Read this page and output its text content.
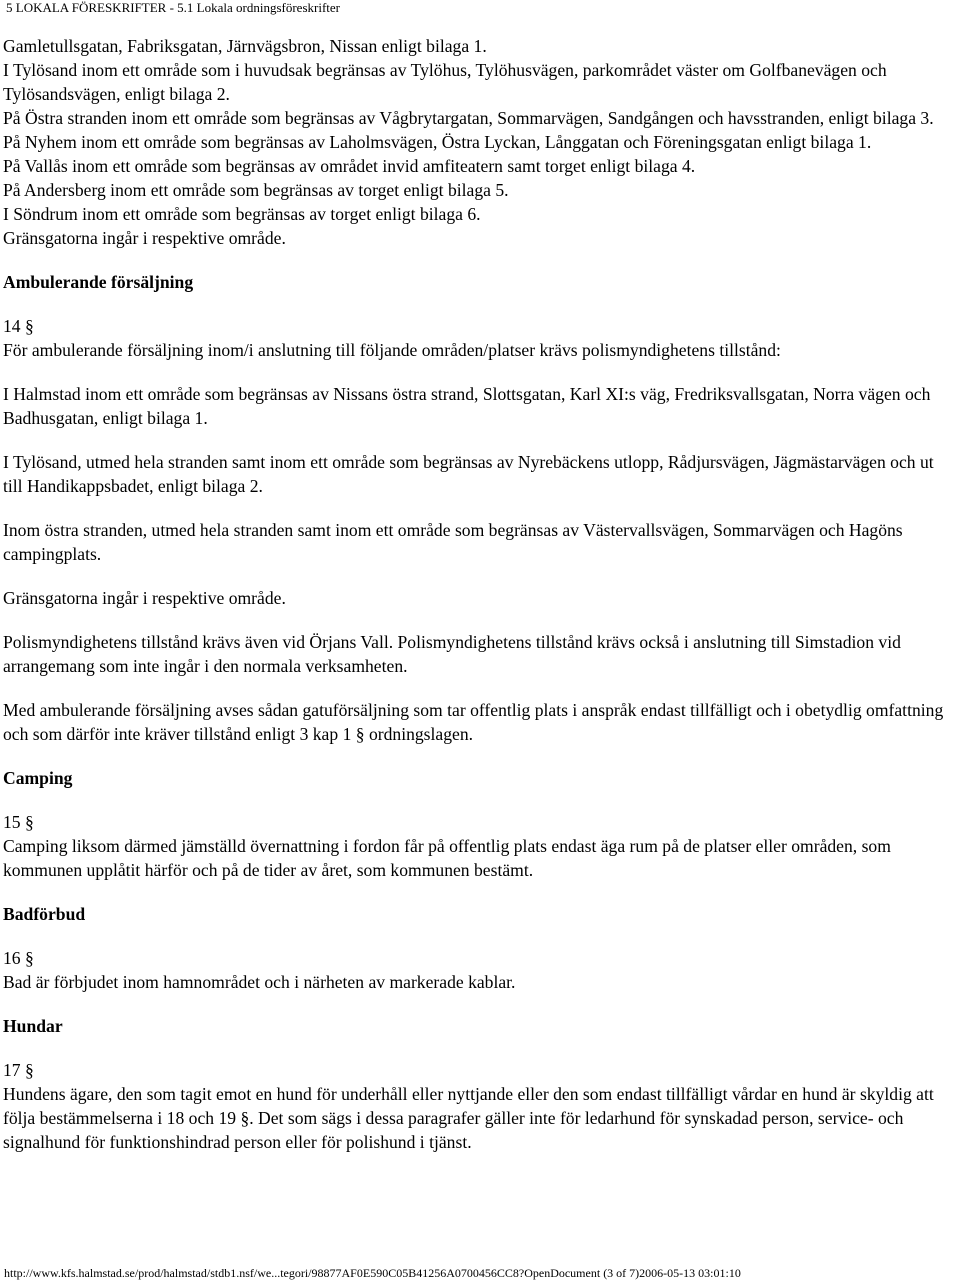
5 LOKALA FÖRESKRIFTER - 5.1 Lokala ordningsföreskrifter

Gamletullsgatan, Fabriksgatan, Järnvägsbron, Nissan enligt bilaga 1.

I Tylösand inom ett område som i huvudsak begränsas av Tylöhus, Tylöhusvägen, parkområdet väster om Golfbanevägen och Tylösandsvägen, enligt bilaga 2.

På Östra stranden inom ett område som begränsas av Vågbrytargatan, Sommarvägen, Sandgången och havsstranden, enligt bilaga 3.

På Nyhem inom ett område som begränsas av Laholmsvägen, Östra Lyckan, Långgatan och Föreningsgatan enligt bilaga 1.

På Vallås inom ett område som begränsas av området invid amfiteatern samt torget enligt bilaga 4.

På Andersberg inom ett område som begränsas av torget enligt bilaga 5.

I Söndrum inom ett område som begränsas av torget enligt bilaga 6.

Gränsgatorna ingår i respektive område.

Ambulerande försäljning

14 §

För ambulerande försäljning inom/i anslutning till följande områden/platser krävs polismyndighetens tillstånd:

I Halmstad inom ett område som begränsas av Nissans östra strand, Slottsgatan, Karl XI:s väg, Fredriksvallsgatan, Norra vägen och Badhusgatan, enligt bilaga 1.

I Tylösand, utmed hela stranden samt inom ett område som begränsas av Nyrebäckens utlopp, Rådjursvägen, Jägmästarvägen och ut till Handikappsbadet, enligt bilaga 2.

Inom östra stranden, utmed hela stranden samt inom ett område som begränsas av Västervallsvägen, Sommarvägen och Hagöns campingplats.

Gränsgatorna ingår i respektive område.

Polismyndighetens tillstånd krävs även vid Örjans Vall. Polismyndighetens tillstånd krävs också i anslutning till Simstadion vid arrangemang som inte ingår i den normala verksamheten.

Med ambulerande försäljning avses sådan gatuförsäljning som tar offentlig plats i anspråk endast tillfälligt och i obetydlig omfattning och som därför inte kräver tillstånd enligt 3 kap 1 § ordningslagen.

Camping

15 §

Camping liksom därmed jämställd övernattning i fordon får på offentlig plats endast äga rum på de platser eller områden, som kommunen upplåtit härför och på de tider av året, som kommunen bestämt.

Badförbud

16 §

Bad är förbjudet inom hamnområdet och i närheten av markerade kablar.

Hundar

17 §

Hundens ägare, den som tagit emot en hund för underhåll eller nyttjande eller den som endast tillfälligt vårdar en hund är skyldig att följa bestämmelserna i 18 och 19 §. Det som sägs i dessa paragrafer gäller inte för ledarhund för synskadad person, service- och signalhund för funktionshindrad person eller för polishund i tjänst.

http://www.kfs.halmstad.se/prod/halmstad/stdb1.nsf/we...tegori/98877AF0E590C05B41256A0700456CC8?OpenDocument (3 of 7)2006-05-13 03:01:10
